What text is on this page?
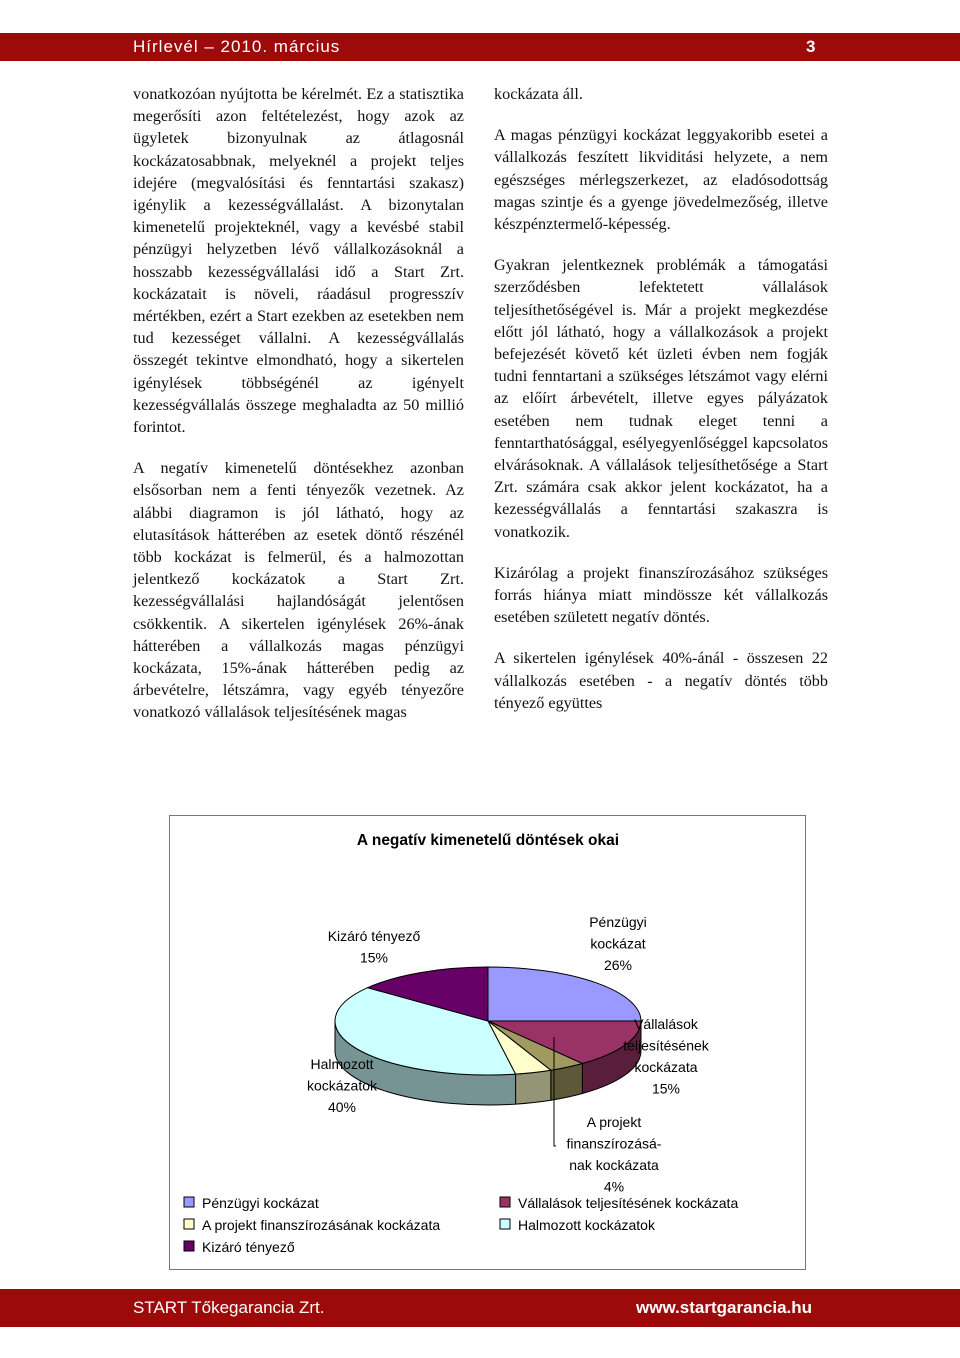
Hírlevél – 2010. március	3

vonatkozóan nyújtotta be kérelmét. Ez a statisztika megerősíti azon feltételezést, hogy azok az ügyletek bizonyulnak az átlagosnál kockázatosabbnak, melyeknél a projekt teljes idejére (megvalósítási és fenntartási szakasz) igénylik a kezességvállalást. A bizonytalan kimenetelű projekteknél, vagy a kevésbé stabil pénzügyi helyzetben lévő vállalkozásoknál a hosszabb kezességvállalási idő a Start Zrt. kockázatait is növeli, ráadásul progresszív mértékben, ezért a Start ezekben az esetekben nem tud kezességet vállalni. A kezességvállalás összegét tekintve elmondható, hogy a sikertelen igénylések többségénél az igényelt kezességvállalás összege meghaladta az 50 millió forintot.

A negatív kimenetelű döntésekhez azonban elsősorban nem a fenti tényezők vezetnek. Az alábbi diagramon is jól látható, hogy az elutasítások hátterében az esetek döntő részénél több kockázat is felmerül, és a halmozottan jelentkező kockázatok a Start Zrt. kezességvállalási hajlandóságát jelentősen csökkentik. A sikertelen igénylések 26%-ának hátterében a vállalkozás magas pénzügyi kockázata, 15%-ának hátterében pedig az árbevételre, létszámra, vagy egyéb tényezőre vonatkozó vállalások teljesítésének magas

kockázata áll.

A magas pénzügyi kockázat leggyakoribb esetei a vállalkozás feszített likviditási helyzete, a nem egészséges mérlegszerkezet, az eladósodottság magas szintje és a gyenge jövedelmezőség, illetve készpénztermelő-képesség.

Gyakran jelentkeznek problémák a támogatási szerződésben lefektetett vállalások teljesíthetőségével is. Már a projekt megkezdése előtt jól látható, hogy a vállalkozások a projekt befejezését követő két üzleti évben nem fogják tudni fenntartani a szükséges létszámot vagy elérni az előírt árbevételt, illetve egyes pályázatok esetében nem tudnak eleget tenni a fenntarthatósággal, esélyegyenlőséggel kapcsolatos elvárásoknak. A vállalások teljesíthetősége a Start Zrt. számára csak akkor jelent kockázatot, ha a kezességvállalás a fenntartási szakaszra is vonatkozik.

Kizárólag a projekt finanszírozásához szükséges forrás hiánya miatt mindössze két vállalkozás esetében született negatív döntés.

A sikertelen igénylések 40%-ánál - összesen 22 vállalkozás esetében - a negatív döntés több tényező együttes

A negatív kimenetelű döntések okai
Pénzügyi kockázat 26%
Vállalások teljesítésének kockázata 15%
A projekt finanszírozásá-nak kockázata 4%
Halmozott kockázatok 40%
Kizáró tényező 15%
Pénzügyi kockázat	Vállalások teljesítésének kockázata
A projekt finanszírozásának kockázata	Halmozott kockázatok
Kizáró tényező
START Tőkegarancia Zrt.	www.startgarancia.hu
